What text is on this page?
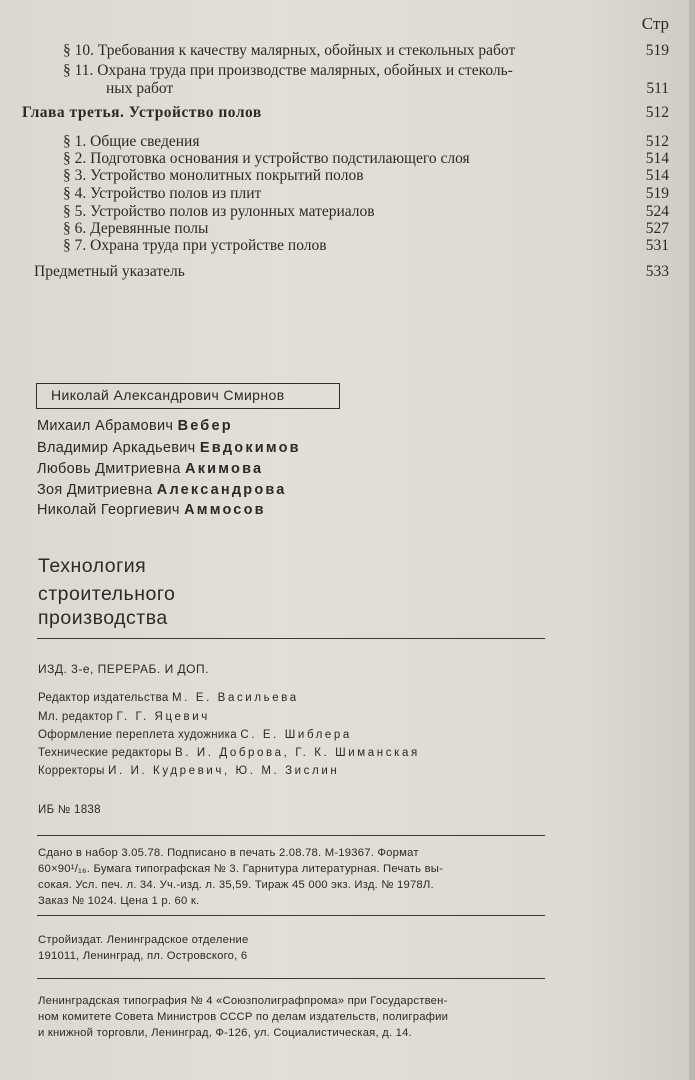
Стр
§ 10. Требования к качеству малярных, обойных и стекольных работ	519
§ 11. Охрана труда при производстве малярных, обойных и стеколь-
ных работ	511
Глава третья. Устройство полов	512
§ 1. Общие сведения	512
§ 2. Подготовка основания и устройство подстилающего слоя	514
§ 3. Устройство монолитных покрытий полов	514
§ 4. Устройство полов из плит	519
§ 5. Устройство полов из рулонных материалов	524
§ 6. Деревянные полы	527
§ 7. Охрана труда при устройстве полов	531
Предметный указатель	533
Николай Александрович Смирнов
Михаил Абрамович Вебер
Владимир Аркадьевич Евдокимов
Любовь Дмитриевна Акимова
Зоя Дмитриевна Александрова
Николай Георгиевич Аммосов
Технология
строительного
производства
ИЗД. 3-е, ПЕРЕРАБ. И ДОП.
Редактор издательства М. Е. Васильева
Мл. редактор Г. Г. Яцевич
Оформление переплета художника С. Е. Шиблера
Технические редакторы В. И. Доброва, Г. К. Шиманская
Корректоры И. И. Кудревич, Ю. М. Зислин
ИБ № 1838
Сдано в набор 3.05.78. Подписано в печать 2.08.78. М-19367. Формат
60×90¹/₁₆. Бумага типографская № 3. Гарнитура литературная. Печать вы-
сокая. Усл. печ. л. 34. Уч.-изд. л. 35,59. Тираж 45 000 экз. Изд. № 1978Л.
Заказ № 1024. Цена 1 р. 60 к.
Стройиздат. Ленинградское отделение
191011, Ленинград, пл. Островского, 6
Ленинградская типография № 4 «Союзполиграфпрома» при Государствен-
ном комитете Совета Министров СССР по делам издательств, полиграфии
и книжной торговли, Ленинград, Ф-126, ул. Социалистическая, д. 14.
